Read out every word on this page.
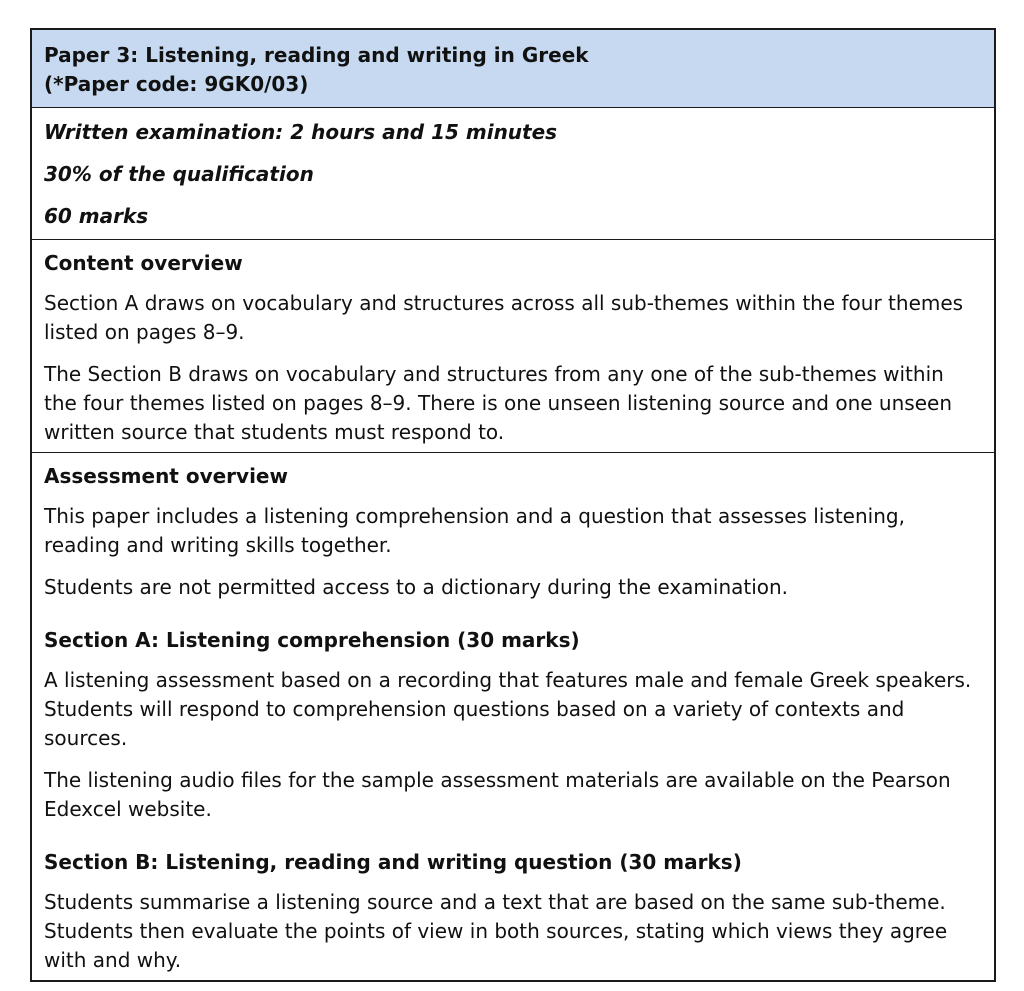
Paper 3: Listening, reading and writing in Greek
(*Paper code: 9GK0/03)

Written examination: 2 hours and 15 minutes

30% of the qualification

60 marks

Content overview

Section A draws on vocabulary and structures across all sub-themes within the four themes listed on pages 8–9.

The Section B draws on vocabulary and structures from any one of the sub-themes within the four themes listed on pages 8–9. There is one unseen listening source and one unseen written source that students must respond to.

Assessment overview

This paper includes a listening comprehension and a question that assesses listening, reading and writing skills together.

Students are not permitted access to a dictionary during the examination.

Section A: Listening comprehension (30 marks)

A listening assessment based on a recording that features male and female Greek speakers. Students will respond to comprehension questions based on a variety of contexts and sources.

The listening audio files for the sample assessment materials are available on the Pearson Edexcel website.

Section B: Listening, reading and writing question (30 marks)

Students summarise a listening source and a text that are based on the same sub-theme. Students then evaluate the points of view in both sources, stating which views they agree with and why.
